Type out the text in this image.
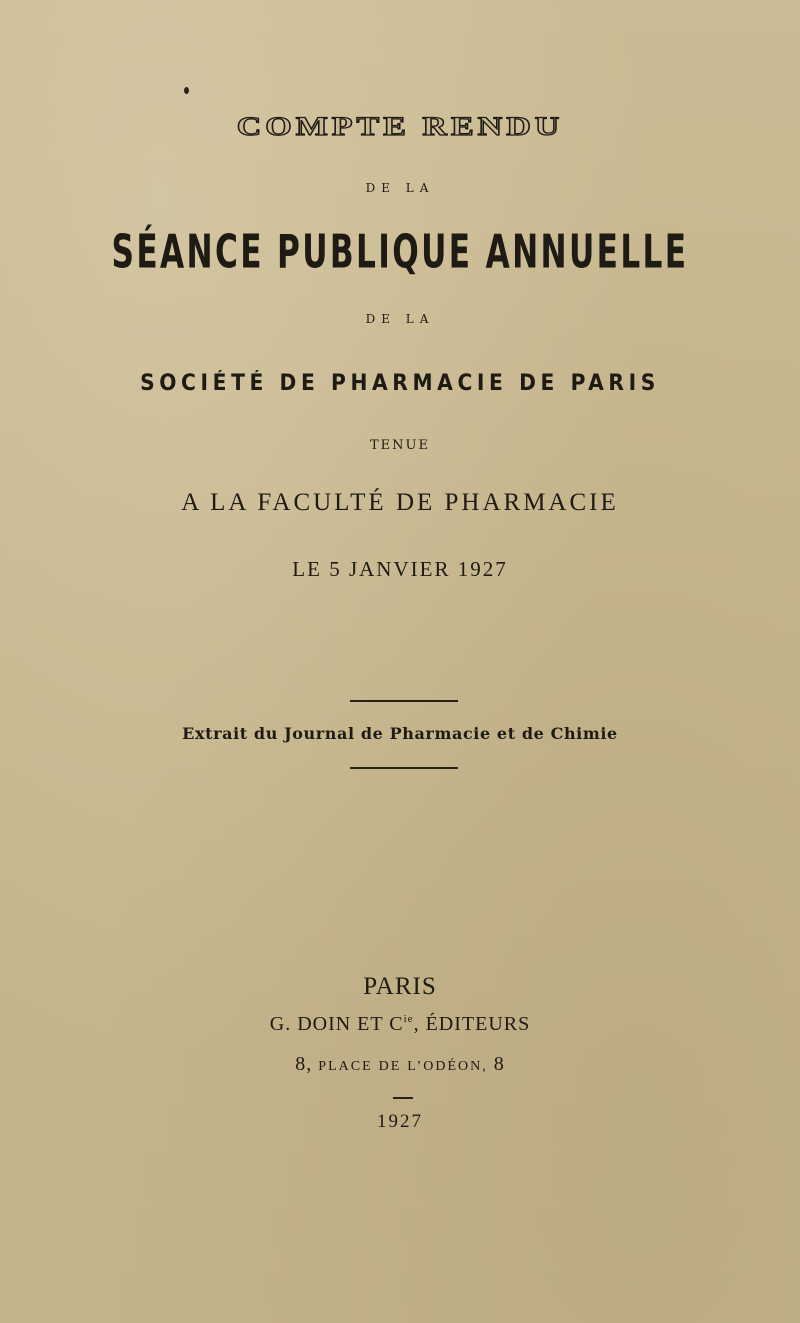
COMPTE RENDU

DE LA

SÉANCE PUBLIQUE ANNUELLE

DE LA

SOCIÉTÉ DE PHARMACIE DE PARIS

TENUE

A LA FACULTÉ DE PHARMACIE

LE 5 JANVIER 1927

Extrait du Journal de Pharmacie et de Chimie

PARIS

G. DOIN ET $C^{ie}$, ÉDITEURS

8, PLACE DE L’ODÉON, 8

1927
